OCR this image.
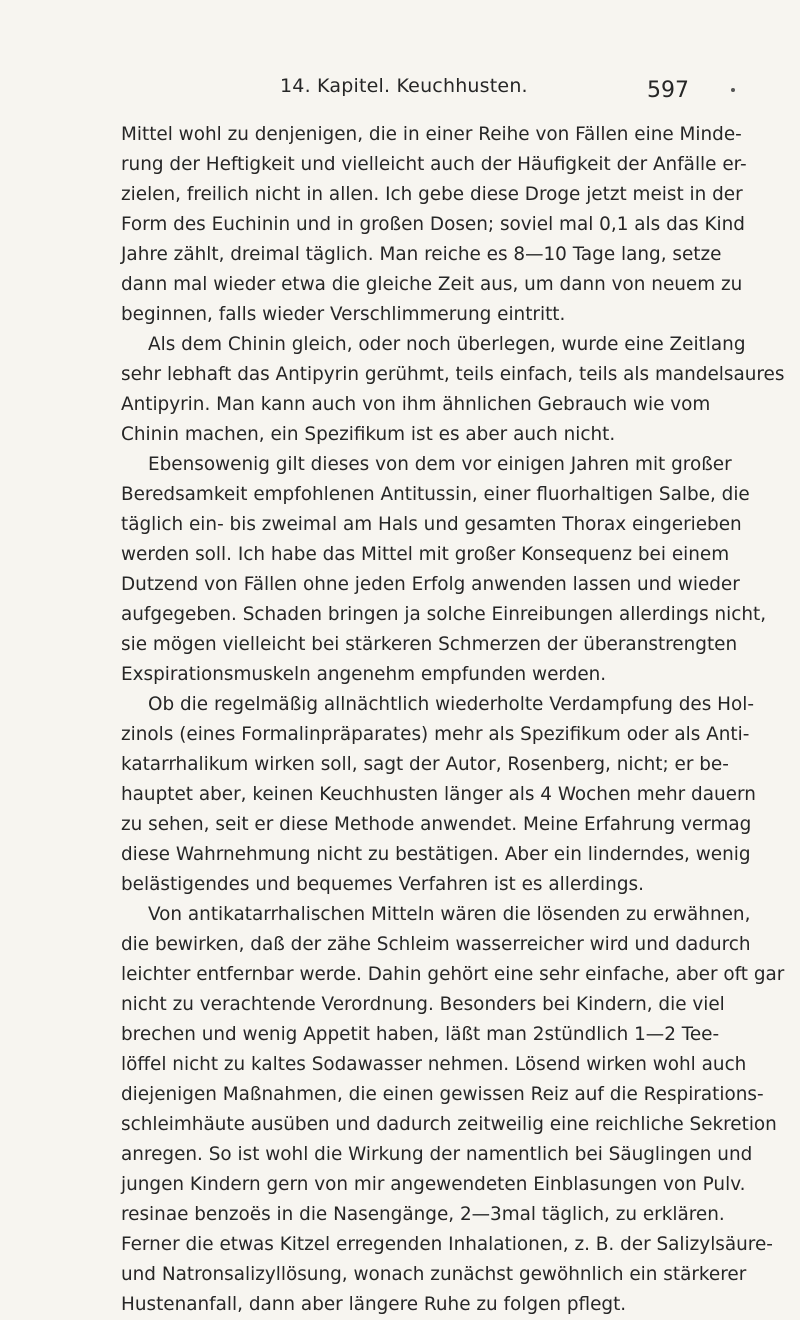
14. Kapitel. Keuchhusten.	597
Mittel wohl zu denjenigen, die in einer Reihe von Fällen eine Minde-
rung der Heftigkeit und vielleicht auch der Häufigkeit der Anfälle er-
zielen, freilich nicht in allen. Ich gebe diese Droge jetzt meist in der
Form des Euchinin und in großen Dosen; soviel mal 0,1 als das Kind
Jahre zählt, dreimal täglich. Man reiche es 8—10 Tage lang, setze
dann mal wieder etwa die gleiche Zeit aus, um dann von neuem zu
beginnen, falls wieder Verschlimmerung eintritt.
Als dem Chinin gleich, oder noch überlegen, wurde eine Zeitlang
sehr lebhaft das Antipyrin gerühmt, teils einfach, teils als mandelsaures
Antipyrin. Man kann auch von ihm ähnlichen Gebrauch wie vom
Chinin machen, ein Spezifikum ist es aber auch nicht.
Ebensowenig gilt dieses von dem vor einigen Jahren mit großer
Beredsamkeit empfohlenen Antitussin, einer fluorhaltigen Salbe, die
täglich ein- bis zweimal am Hals und gesamten Thorax eingerieben
werden soll. Ich habe das Mittel mit großer Konsequenz bei einem
Dutzend von Fällen ohne jeden Erfolg anwenden lassen und wieder
aufgegeben. Schaden bringen ja solche Einreibungen allerdings nicht,
sie mögen vielleicht bei stärkeren Schmerzen der überanstrengten
Exspirationsmuskeln angenehm empfunden werden.
Ob die regelmäßig allnächtlich wiederholte Verdampfung des Hol-
zinols (eines Formalinpräparates) mehr als Spezifikum oder als Anti-
katarrhalikum wirken soll, sagt der Autor, Rosenberg, nicht; er be-
hauptet aber, keinen Keuchhusten länger als 4 Wochen mehr dauern
zu sehen, seit er diese Methode anwendet. Meine Erfahrung vermag
diese Wahrnehmung nicht zu bestätigen. Aber ein linderndes, wenig
belästigendes und bequemes Verfahren ist es allerdings.
Von antikatarrhalischen Mitteln wären die lösenden zu erwähnen,
die bewirken, daß der zähe Schleim wasserreicher wird und dadurch
leichter entfernbar werde. Dahin gehört eine sehr einfache, aber oft gar
nicht zu verachtende Verordnung. Besonders bei Kindern, die viel
brechen und wenig Appetit haben, läßt man 2stündlich 1—2 Tee-
löffel nicht zu kaltes Sodawasser nehmen. Lösend wirken wohl auch
diejenigen Maßnahmen, die einen gewissen Reiz auf die Respirations-
schleimhäute ausüben und dadurch zeitweilig eine reichliche Sekretion
anregen. So ist wohl die Wirkung der namentlich bei Säuglingen und
jungen Kindern gern von mir angewendeten Einblasungen von Pulv.
resinae benzoës in die Nasengänge, 2—3mal täglich, zu erklären.
Ferner die etwas Kitzel erregenden Inhalationen, z. B. der Salizylsäure-
und Natronsalizyllösung, wonach zunächst gewöhnlich ein stärkerer
Hustenanfall, dann aber längere Ruhe zu folgen pflegt.
